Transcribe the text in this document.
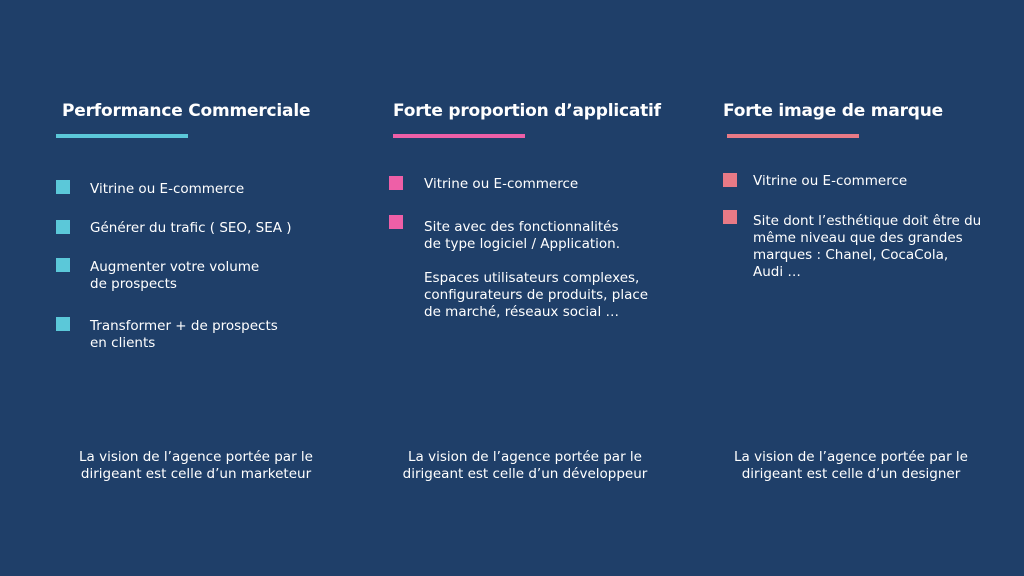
Performance Commerciale

Vitrine ou E-commerce

Générer du trafic ( SEO, SEA )

Augmenter votre volume
de prospects

Transformer + de prospects
en clients

La vision de l’agence portée par le
dirigeant est celle d’un marketeur

Forte proportion d’applicatif

Vitrine ou E-commerce

Site avec des fonctionnalités
de type logiciel / Application.

Espaces utilisateurs complexes,
configurateurs de produits, place
de marché, réseaux social …

La vision de l’agence portée par le
dirigeant est celle d’un développeur

Forte image de marque

Vitrine ou E-commerce

Site dont l’esthétique doit être du
même niveau que des grandes
marques : Chanel, CocaCola,
Audi …

La vision de l’agence portée par le
dirigeant est celle d’un designer
